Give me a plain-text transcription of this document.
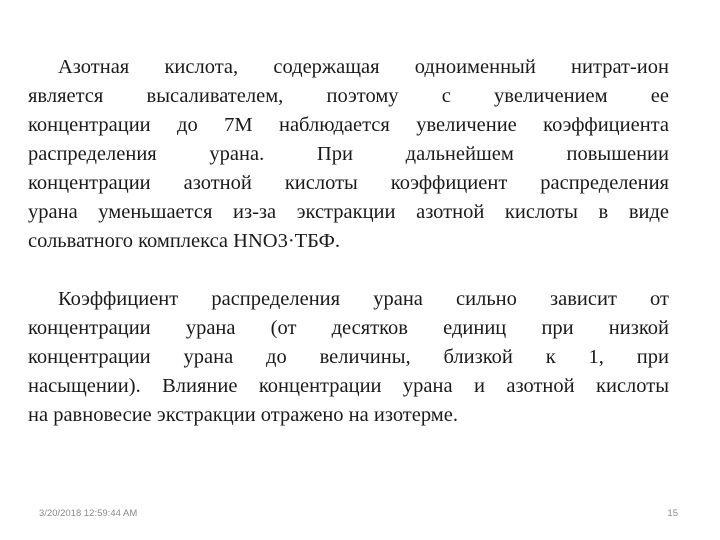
Азотная кислота, содержащая одноименный нитрат-ион
является высаливателем, поэтому с увеличением ее
концентрации до 7М наблюдается увеличение коэффициента
распределения урана. При дальнейшем повышении
концентрации азотной кислоты коэффициент распределения
урана уменьшается из-за экстракции азотной кислоты в виде
сольватного комплекса HNO3·ТБФ.

Коэффициент распределения урана сильно зависит от
концентрации урана (от десятков единиц при низкой
концентрации урана до величины, близкой к 1, при
насыщении). Влияние концентрации урана и азотной кислоты
на равновесие экстракции отражено на изотерме.

3/20/2018 12:59:44 AM	15
